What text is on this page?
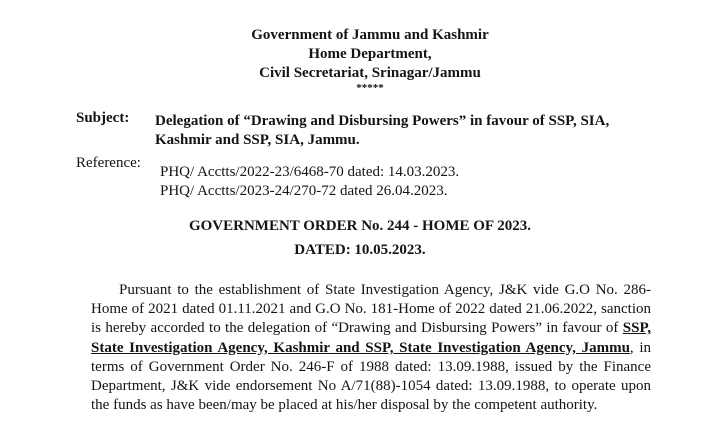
Government of Jammu and Kashmir
Home Department,
Civil Secretariat, Srinagar/Jammu
*****
Subject: Delegation of “Drawing and Disbursing Powers” in favour of SSP, SIA, Kashmir and SSP, SIA, Jammu.
Reference:
PHQ/ Acctts/2022-23/6468-70 dated: 14.03.2023.
PHQ/ Acctts/2023-24/270-72 dated 26.04.2023.
GOVERNMENT ORDER No. 244 - HOME OF 2023.
DATED: 10.05.2023.
Pursuant to the establishment of State Investigation Agency, J&K vide G.O No. 286-Home of 2021 dated 01.11.2021 and G.O No. 181-Home of 2022 dated 21.06.2022, sanction is hereby accorded to the delegation of “Drawing and Disbursing Powers” in favour of SSP, State Investigation Agency, Kashmir and SSP, State Investigation Agency, Jammu, in terms of Government Order No. 246-F of 1988 dated: 13.09.1988, issued by the Finance Department, J&K vide endorsement No A/71(88)-1054 dated: 13.09.1988, to operate upon the funds as have been/may be placed at his/her disposal by the competent authority.
